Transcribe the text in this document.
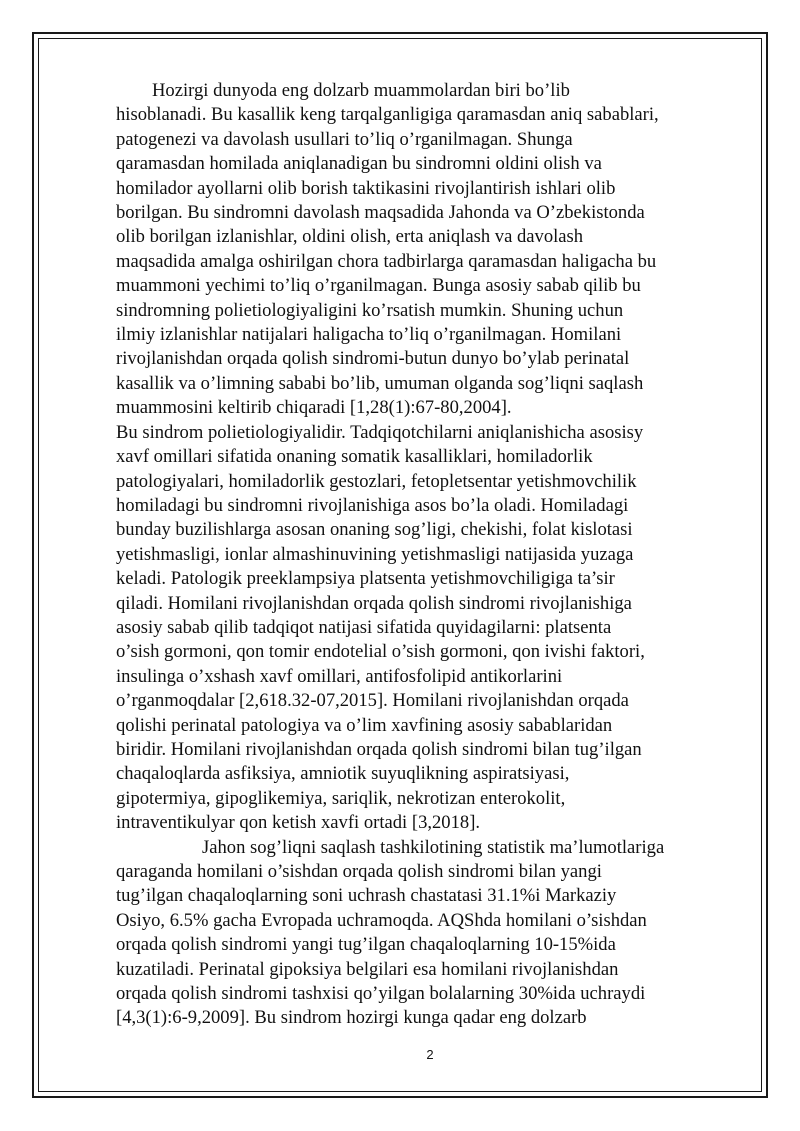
Hozirgi dunyoda eng dolzarb muammolardan biri bo’lib
hisoblanadi. Bu kasallik keng tarqalganligiga qaramasdan aniq sabablari,
patogenezi va davolash usullari to’liq o’rganilmagan. Shunga
qaramasdan homilada aniqlanadigan bu sindromni oldini olish va
homilador ayollarni olib borish taktikasini rivojlantirish ishlari olib
borilgan. Bu sindromni davolash maqsadida Jahonda va O’zbekistonda
olib borilgan izlanishlar, oldini olish, erta aniqlash va davolash
maqsadida amalga oshirilgan chora tadbirlarga qaramasdan haligacha bu
muammoni yechimi to’liq o’rganilmagan. Bunga asosiy sabab qilib bu
sindromning polietiologiyaligini ko’rsatish mumkin. Shuning uchun
ilmiy izlanishlar natijalari haligacha to’liq o’rganilmagan. Homilani
rivojlanishdan orqada qolish sindromi-butun dunyo bo’ylab perinatal
kasallik va o’limning sababi bo’lib, umuman olganda sog’liqni saqlash
muammosini keltirib chiqaradi [1,28(1):67-80,2004].

Bu sindrom polietiologiyalidir. Tadqiqotchilarni aniqlanishicha asosisy
xavf omillari sifatida onaning somatik kasalliklari, homiladorlik
patologiyalari, homiladorlik gestozlari, fetopletsentar yetishmovchilik
homiladagi bu sindromni rivojlanishiga asos bo’la oladi. Homiladagi
bunday buzilishlarga asosan onaning sog’ligi, chekishi, folat kislotasi
yetishmasligi, ionlar almashinuvining yetishmasligi natijasida yuzaga
keladi. Patologik preeklampsiya platsenta yetishmovchiligiga ta’sir
qiladi. Homilani rivojlanishdan orqada qolish sindromi rivojlanishiga
asosiy sabab qilib tadqiqot natijasi sifatida quyidagilarni: platsenta
o’sish gormoni, qon tomir endotelial o’sish gormoni, qon ivishi faktori,
insulinga o’xshash xavf omillari, antifosfolipid antikorlarini
o’rganmoqdalar [2,618.32-07,2015]. Homilani rivojlanishdan orqada
qolishi perinatal patologiya va o’lim xavfining asosiy sabablaridan
biridir. Homilani rivojlanishdan orqada qolish sindromi bilan tug’ilgan
chaqaloqlarda asfiksiya, amniotik suyuqlikning aspiratsiyasi,
gipotermiya, gipoglikemiya, sariqlik, nekrotizan enterokolit,
intraventikulyar qon ketish xavfi ortadi [3,2018].

Jahon sog’liqni saqlash tashkilotining statistik ma’lumotlariga
qaraganda homilani o’sishdan orqada qolish sindromi bilan yangi
tug’ilgan chaqaloqlarning soni uchrash chastatasi 31.1%i Markaziy
Osiyo, 6.5% gacha Evropada uchramoqda. AQShda homilani o’sishdan
orqada qolish sindromi yangi tug’ilgan chaqaloqlarning 10-15%ida
kuzatiladi. Perinatal gipoksiya belgilari esa homilani rivojlanishdan
orqada qolish sindromi tashxisi qo’yilgan bolalarning 30%ida uchraydi
[4,3(1):6-9,2009]. Bu sindrom hozirgi kunga qadar eng dolzarb

2
